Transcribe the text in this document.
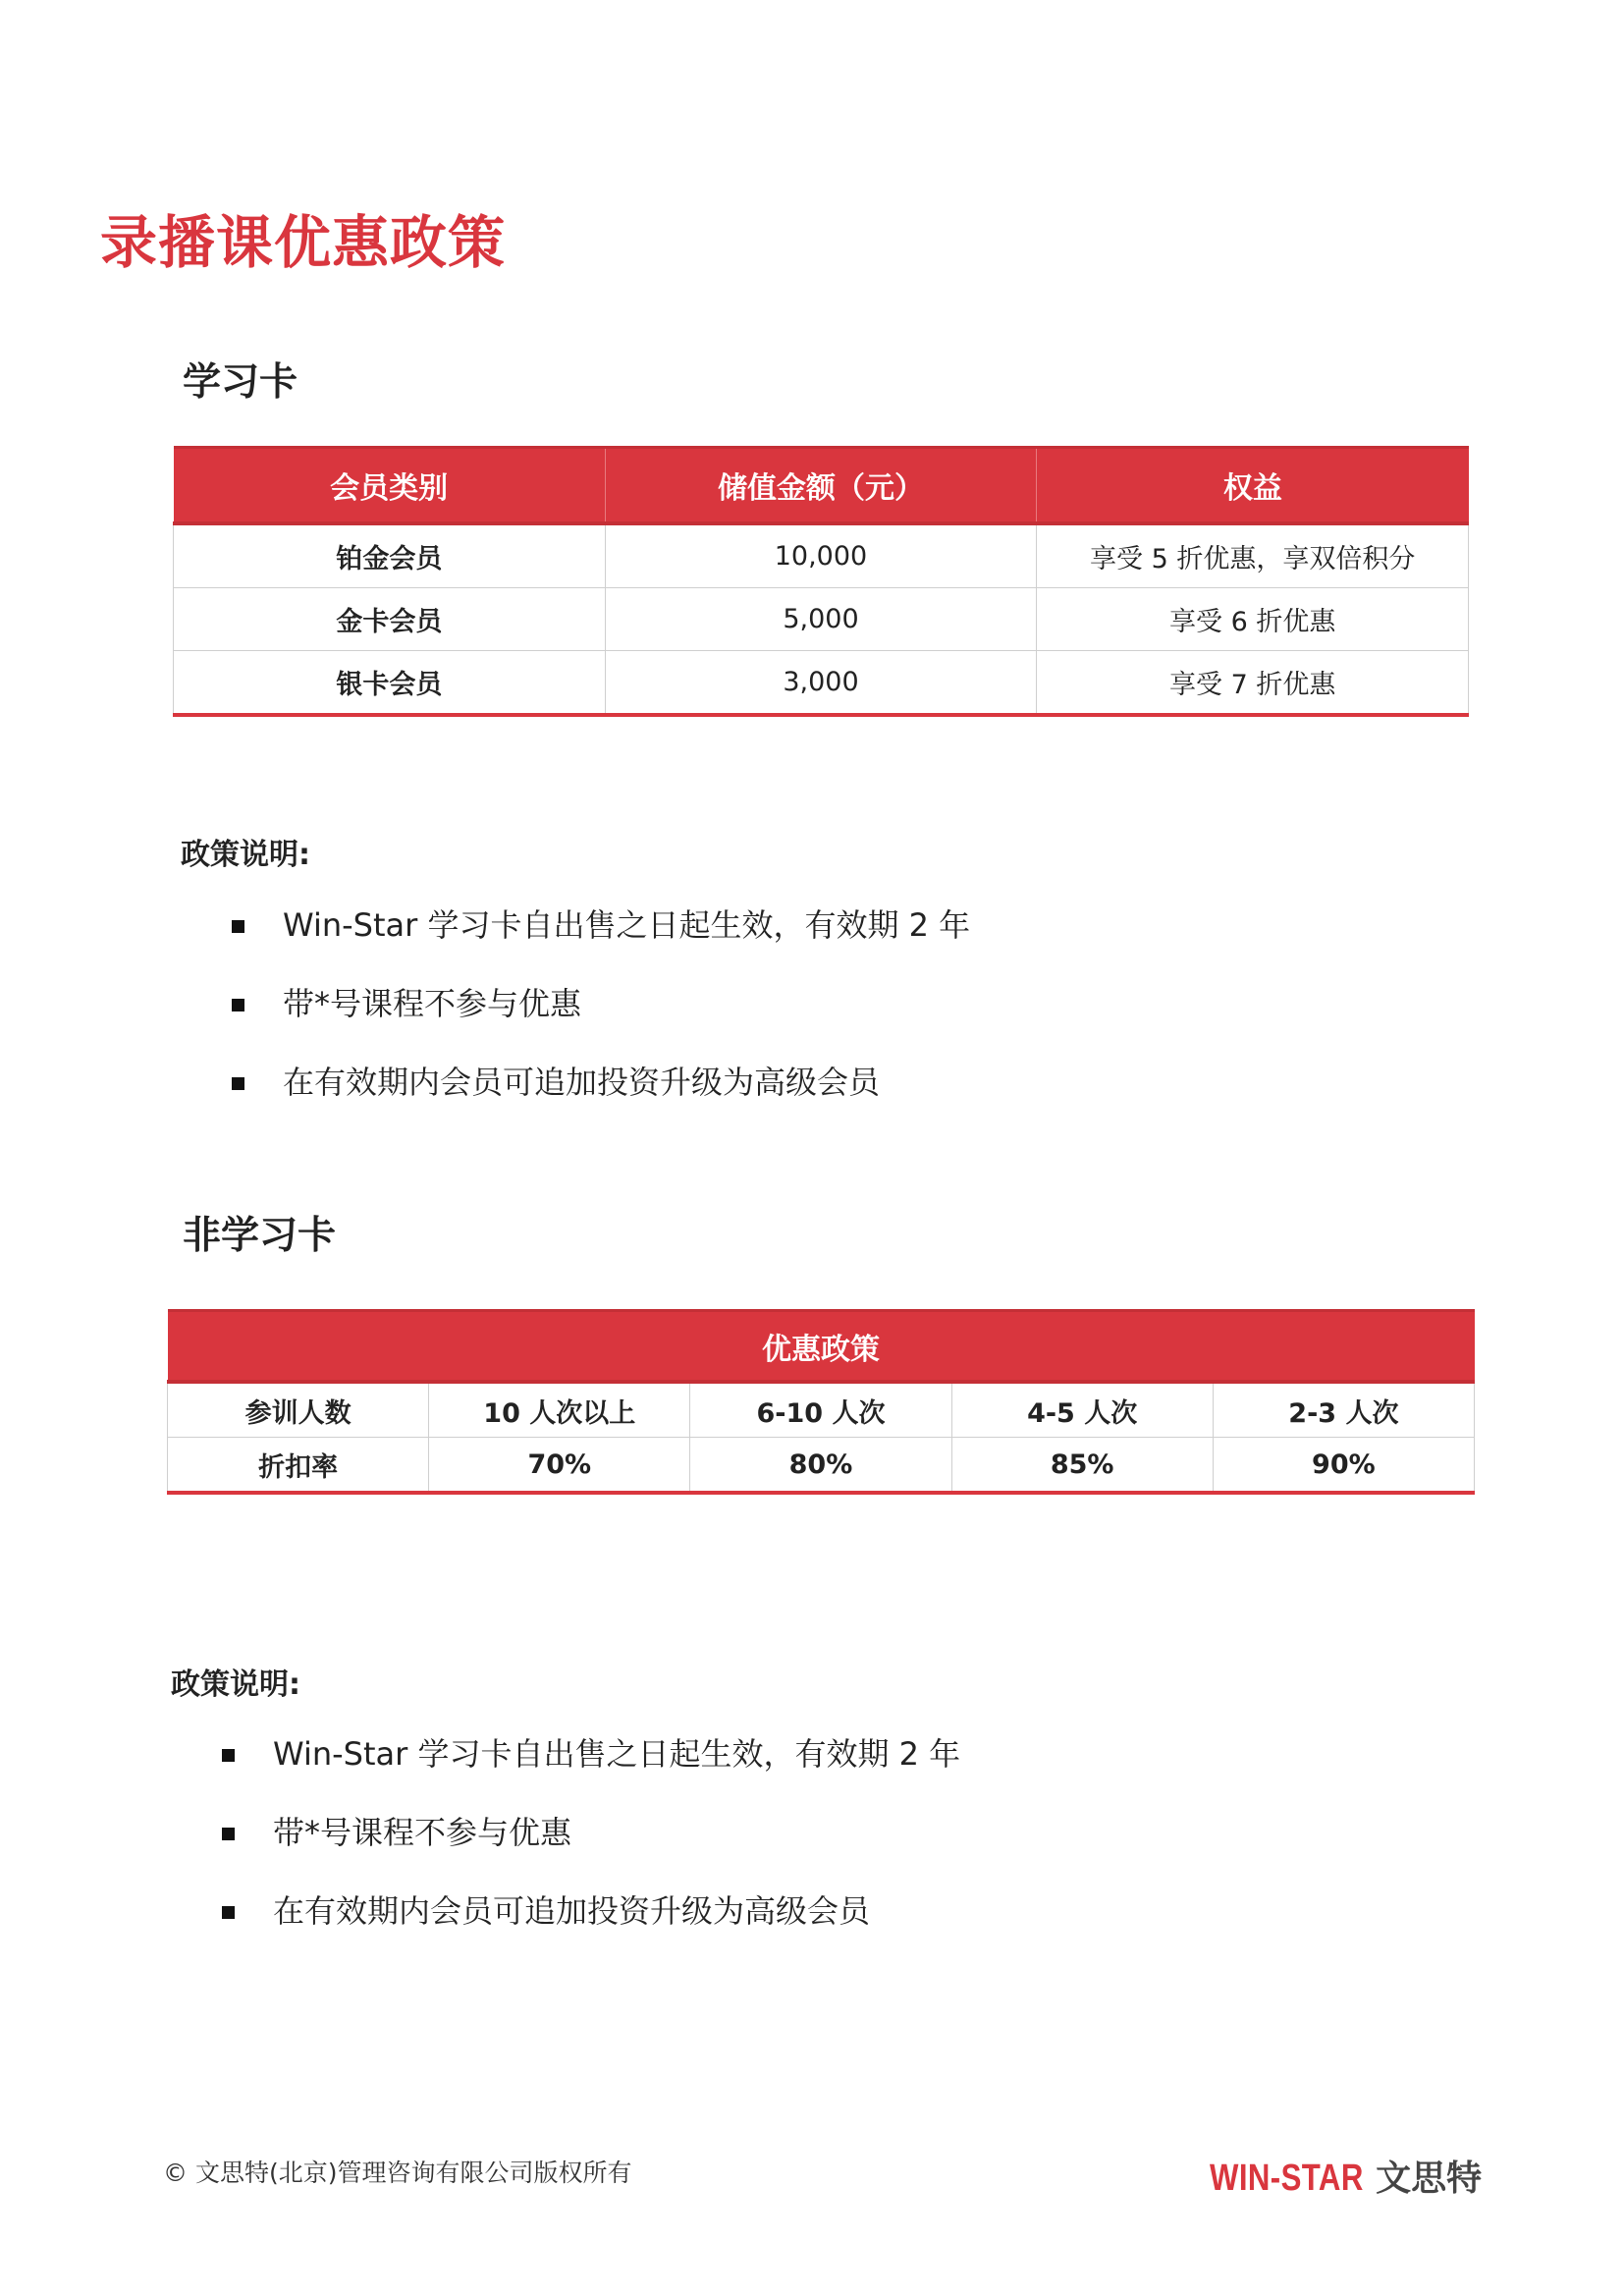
录播课优惠政策
学习卡
会员类别	储值金额（元）	权益
铂金会员	10,000	享受 5 折优惠，享双倍积分
金卡会员	5,000	享受 6 折优惠
银卡会员	3,000	享受 7 折优惠
政策说明:
Win-Star 学习卡自出售之日起生效，有效期 2 年
带*号课程不参与优惠
在有效期内会员可追加投资升级为高级会员
非学习卡
优惠政策				
参训人数	10 人次以上	6-10 人次	4-5 人次	2-3 人次
折扣率	70%	80%	85%	90%
政策说明:
Win-Star 学习卡自出售之日起生效，有效期 2 年
带*号课程不参与优惠
在有效期内会员可追加投资升级为高级会员
© 文思特(北京)管理咨询有限公司版权所有	WIN-STAR 文思特
